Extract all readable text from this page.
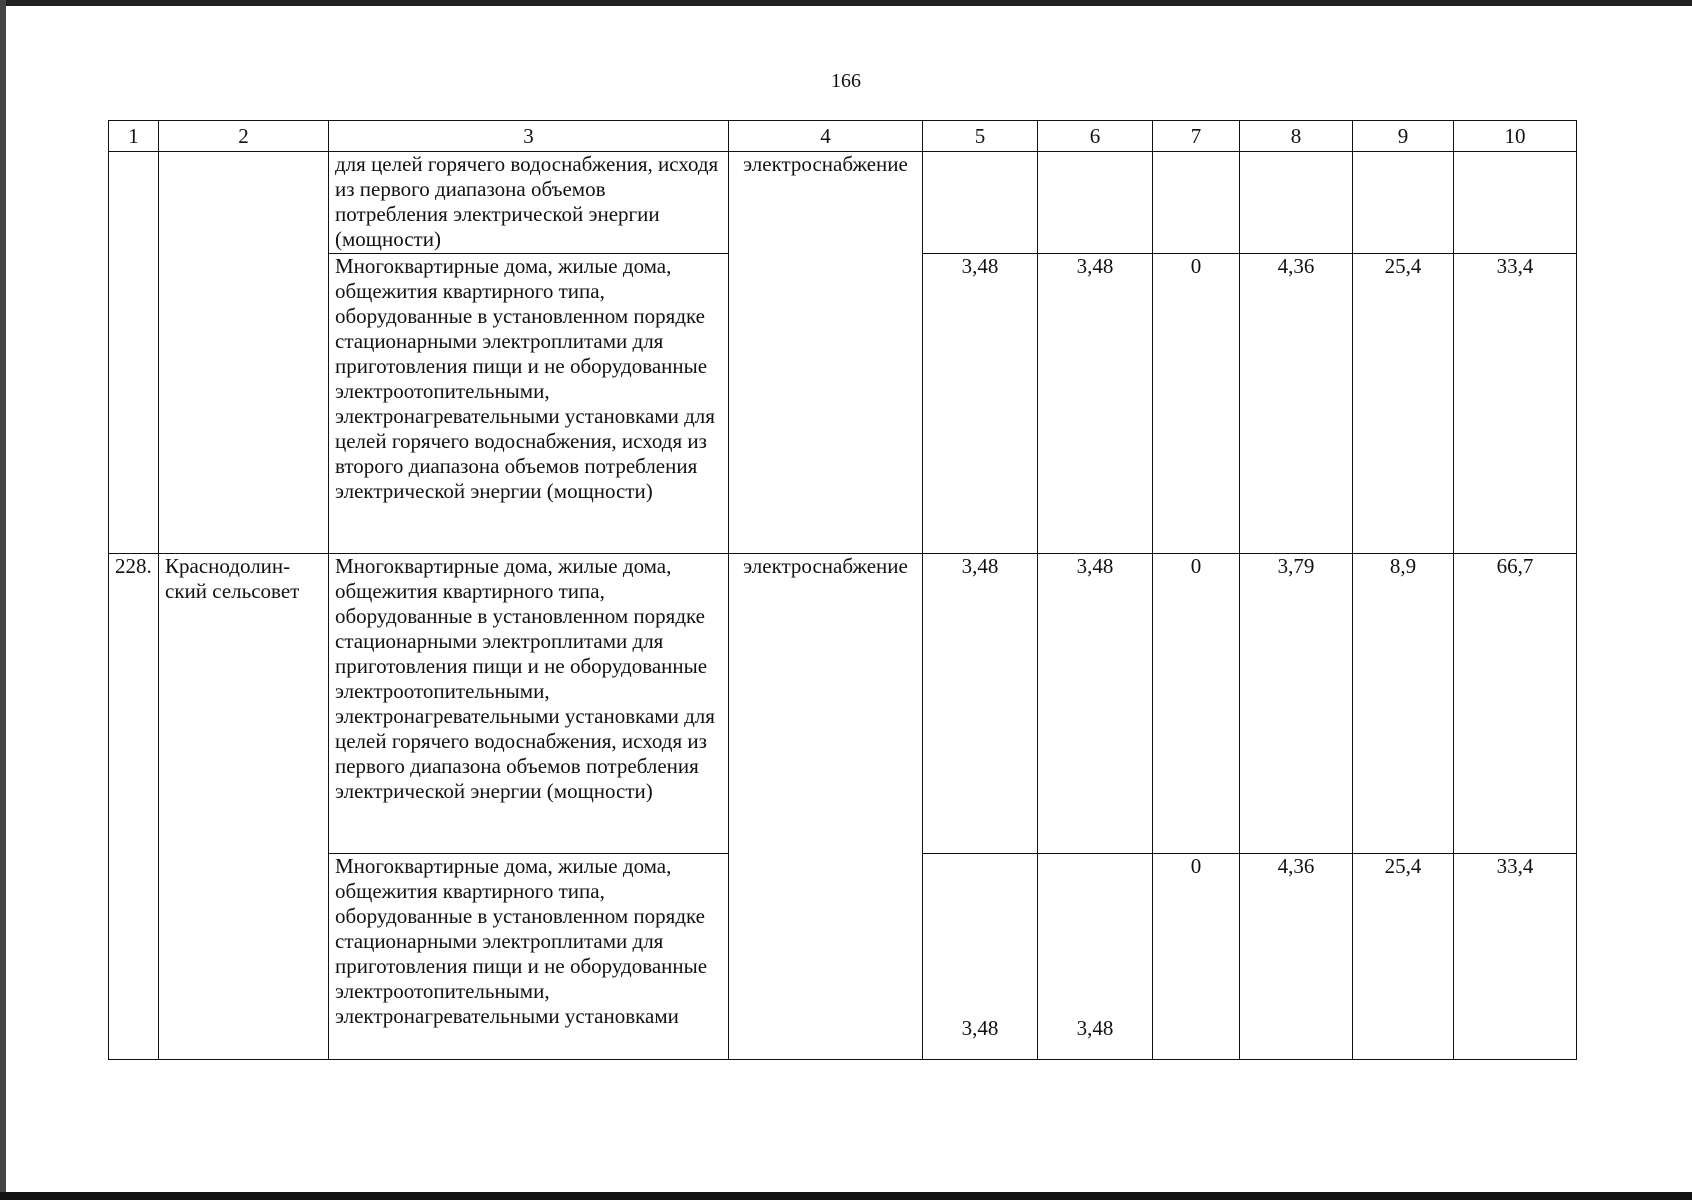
166
1	2	3	4	5	6	7	8	9	10
		для целей горячего водоснабжения, исходя из первого диапазона объемов потребления электрической энергии (мощности)	электроснабжение						
		Многоквартирные дома, жилые дома, общежития квартирного типа, оборудованные в установленном порядке стационарными электроплитами для приготовления пищи и не оборудованные электроотопительными, электронагревательными установками для целей горячего водоснабжения, исходя из второго диапазона объемов потребления электрической энергии (мощности)		3,48	3,48	0	4,36	25,4	33,4
228.	Краснодолин-ский сельсовет	Многоквартирные дома, жилые дома, общежития квартирного типа, оборудованные в установленном порядке стационарными электроплитами для приготовления пищи и не оборудованные электроотопительными, электронагревательными установками для целей горячего водоснабжения, исходя из первого диапазона объемов потребления электрической энергии (мощности)	электроснабжение	3,48	3,48	0	3,79	8,9	66,7

		Многоквартирные дома, жилые дома, общежития квартирного типа, оборудованные в установленном порядке стационарными электроплитами для приготовления пищи и не оборудованные электроотопительными, электронагревательными установками		3,48	3,48	0	4,36	25,4	33,4
